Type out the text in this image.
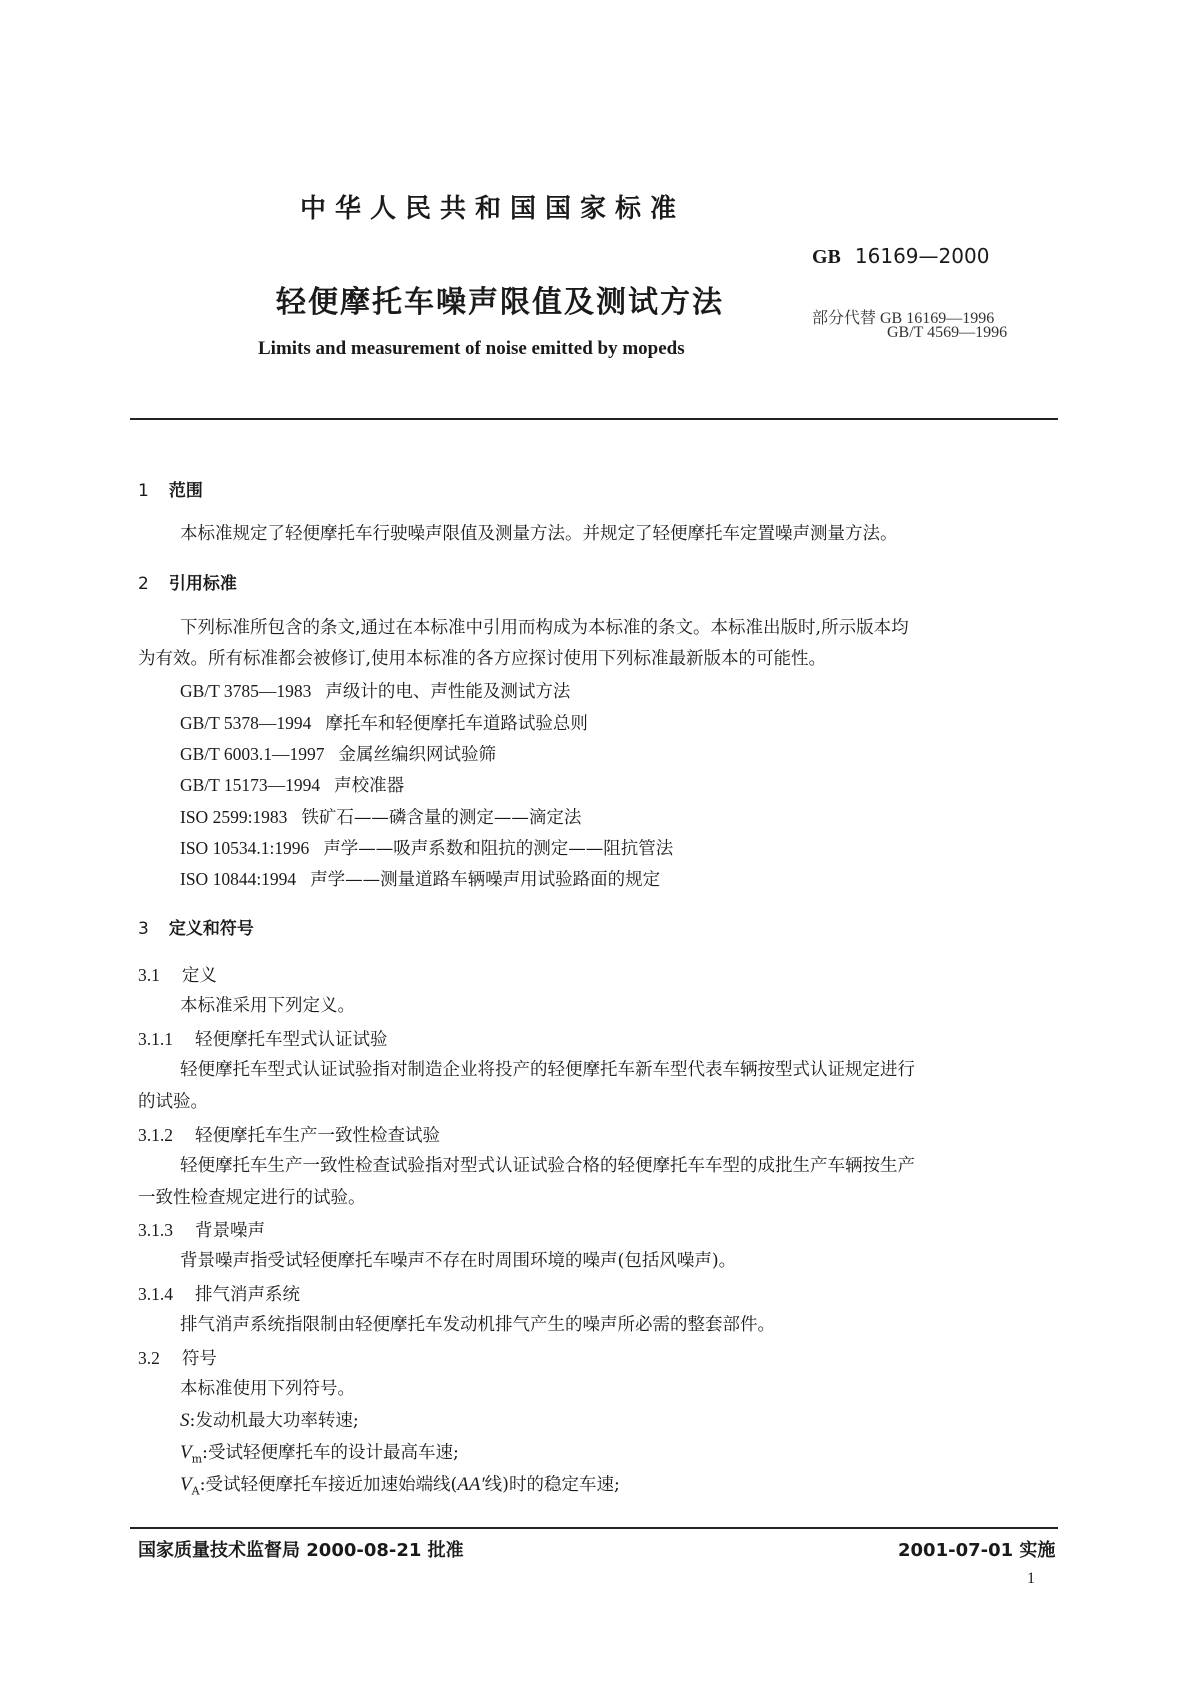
中华人民共和国国家标准
GB 16169—2000
轻便摩托车噪声限值及测试方法	部分代替 GB 16169—1996
GB/T 4569—1996
Limits and measurement of noise emitted by mopeds
1 范围
本标准规定了轻便摩托车行驶噪声限值及测量方法。并规定了轻便摩托车定置噪声测量方法。
2 引用标准
下列标准所包含的条文,通过在本标准中引用而构成为本标准的条文。本标准出版时,所示版本均
为有效。所有标准都会被修订,使用本标准的各方应探讨使用下列标准最新版本的可能性。
GB/T 3785—1983 声级计的电、声性能及测试方法
GB/T 5378—1994 摩托车和轻便摩托车道路试验总则
GB/T 6003.1—1997 金属丝编织网试验筛
GB/T 15173—1994 声校准器
ISO 2599:1983 铁矿石——磷含量的测定——滴定法
ISO 10534.1:1996 声学——吸声系数和阻抗的测定——阻抗管法
ISO 10844:1994 声学——测量道路车辆噪声用试验路面的规定
3 定义和符号
3.1 定义
本标准采用下列定义。
3.1.1 轻便摩托车型式认证试验
轻便摩托车型式认证试验指对制造企业将投产的轻便摩托车新车型代表车辆按型式认证规定进行
的试验。
3.1.2 轻便摩托车生产一致性检查试验
轻便摩托车生产一致性检查试验指对型式认证试验合格的轻便摩托车车型的成批生产车辆按生产
一致性检查规定进行的试验。
3.1.3 背景噪声
背景噪声指受试轻便摩托车噪声不存在时周围环境的噪声(包括风噪声)。
3.1.4 排气消声系统
排气消声系统指限制由轻便摩托车发动机排气产生的噪声所必需的整套部件。
3.2 符号
本标准使用下列符号。
S:发动机最大功率转速;
$V_m$:受试轻便摩托车的设计最高车速;
$V_A$:受试轻便摩托车接近加速始端线(AA′线)时的稳定车速;
国家质量技术监督局 2000-08-21 批准	2001-07-01 实施
1
